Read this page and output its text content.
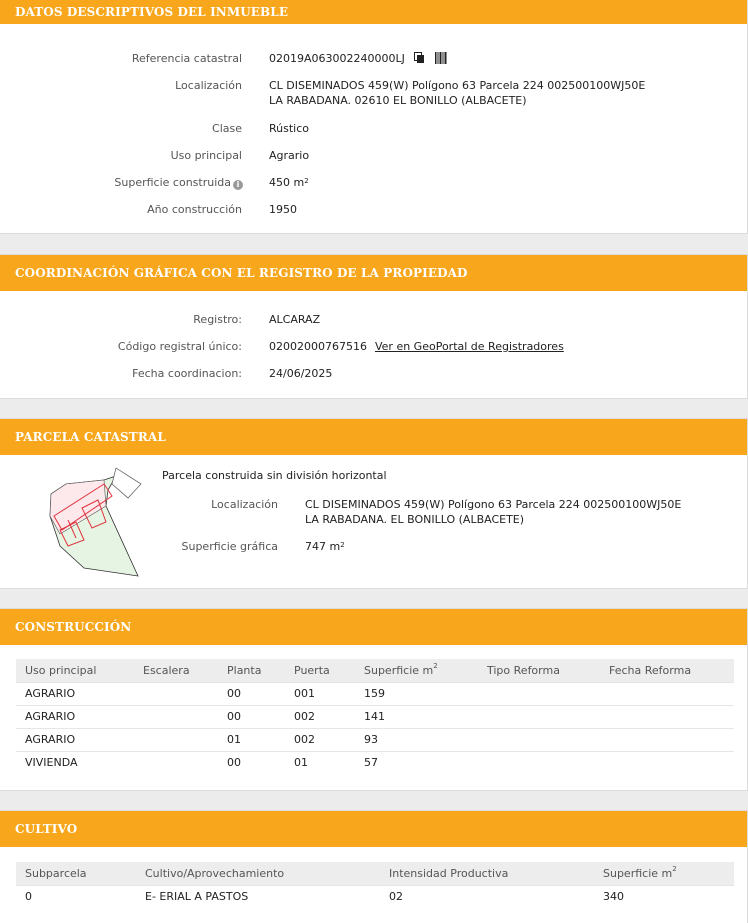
DATOS DESCRIPTIVOS DEL INMUEBLE
Referencia catastral 02019A063002240000LJ
Localización CL DISEMINADOS 459(W) Polígono 63 Parcela 224 002500100WJ50E
LA RABADANA. 02610 EL BONILLO (ALBACETE)
Clase Rústico
Uso principal Agrario
Superficie construida i	450 $m^2$
Año construcción 1950
COORDINACIÓN GRÁFICA CON EL REGISTRO DE LA PROPIEDAD
Registro: ALCARAZ
Código registral único: 02002000767516 Ver en GeoPortal de Registradores
Fecha coordinacion: 24/06/2025
PARCELA CATASTRAL
Parcela construida sin división horizontal
Localización CL DISEMINADOS 459(W) Polígono 63 Parcela 224 002500100WJ50E
LA RABADANA. EL BONILLO (ALBACETE)
Superficie gráfica 747 $m^2$
CONSTRUCCIÓN
Uso principal	Escalera	Planta	Puerta	Superficie $m^2$	Tipo Reforma	Fecha Reforma
AGRARIO		00	001	159		
AGRARIO		00	002	141		
AGRARIO		01	002	93		
VIVIENDA		00	01	57		
CULTIVO
Subparcela	Cultivo/Aprovechamiento	Intensidad Productiva	Superficie $m^2$
0	E- ERIAL A PASTOS	02	340
